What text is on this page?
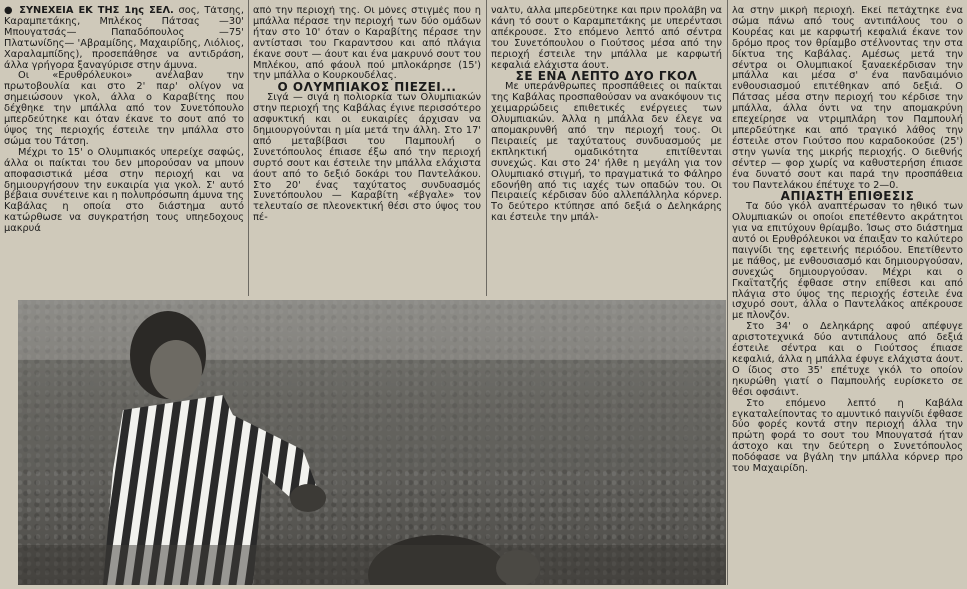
● ΣΥΝΕΧΕΙΑ ΕΚ ΤΗΣ 1ης ΣΕΛ. σος, Τάτσης, Καραμπετάκης, Μπλέκος Πάτσας —30' Μπουγατσάς— Παπαδόπουλος —75' Πλατωνίδης— 'Αβραμίδης, Μαχαιρίδης, Λιόλιος, Χαραλαμπίδης), προσεπάθησε να αντιδράση, άλλα γρήγορα ξαναγύρισε στην άμυνα.

Οι «Ερυθρόλευκοι» ανέλαβαν την πρωτοβουλία και στο 2' παρ' ολίγον να σημειώσουν γκολ, άλλα ο Καραβίτης που δέχθηκε την μπάλλα από τον Συνετόπουλο μπερδεύτηκε και όταν έκανε το σουτ από το ύψος της περιοχής έστειλε την μπάλλα στο σώμα του Τάτση.

Μέχρι το 15' ο Ολυμπιακός υπερείχε σαφώς, άλλα οι παίκται του δεν μπορούσαν να μπουν αποφασιστικά μέσα στην περιοχή και να δημιουργήσουν την ευκαιρία για γκολ. Σ' αυτό βέβαια συνέτεινε και η πολυπρόσωπη άμυνα της Καβάλας η οποία στο διάστημα αυτό κατώρθωσε να συγκρατήση τους υπηεδοχους μακρυά

από την περιοχή της. Οι μόνες στιγμές που η μπάλλα πέρασε την περιοχή των δύο ομάδων ήταν στο 10' όταν ο Καραβίτης πέρασε την αντίστασι του Γκαραντσου και από πλάγια έκανε σουτ — άουτ και ένα μακρυνό σουτ του Μπλέκου, από φάουλ πού μπλοκάρησε (15') την μπάλλα ο Κουρκουδέλας.

Ο ΟΛΥΜΠΙΑΚΟΣ ΠΙΕΖΕΙ...

Σιγά — σιγά η πολιορκία των Ολυμπιακών στην περιοχή της Καβάλας έγινε περισσότερο ασφυκτική και οι ευκαιρίες άρχισαν να δημιουργούνται η μία μετά την άλλη. Στο 17' από μεταβίβασι του Παμπουλή ο Συνετόπουλος έπιασε έξω από την περιοχή συρτό σουτ και έστειλε την μπάλλα ελάχιστα άουτ από το δεξιό δοκάρι του Παντελάκου. Στο 20' ένας ταχύτατος συνδυασμός Συνετόπουλου — Καραβίτη «έβγαλε» τον τελευταίο σε πλεονεκτική θέσι στο ύψος του πέ-

ναλτυ, άλλα μπερδεύτηκε και πριν προλάβη να κάνη τό σουτ ο Καραμπετάκης με υπερέντασι απέκρουσε. Στο επόμενο λεπτό από σέντρα του Συνετόπουλου ο Γιούτσος μέσα από την περιοχή έστειλε την μπάλλα με καρφωτή κεφαλιά ελάχιστα άουτ.

ΣΕ ΕΝΑ ΛΕΠΤΟ ΔΥΟ ΓΚΟΛ

Με υπεράνθρωπες προσπάθειες οι παίκται της Καβάλας προσπαθούσαν να ανακόψουν τις χειμαρρώδεις επιθετικές ενέργειες των Ολυμπιακών. Άλλα η μπάλλα δεν έλεγε να απομακρυνθή από την περιοχή τους. Οι Πειραιείς με ταχύτατους συνδυασμούς με εκπληκτική ομαδικότητα επιτίθενται συνεχώς. Και στο 24' ήλθε η μεγάλη για τον Ολυμπιακό στιγμή, το πραγματικά το Φάληρο εδονήθη από τις ιαχές των οπαδών του. Οι Πειραιείς κέρδισαν δύο αλλεπάλληλα κόρνερ. Το δεύτερο κτύπησε από δεξιά ο Δεληκάρης και έστειλε την μπάλ-

λα στην μικρή περιοχή. Εκεί πετάχτηκε ένα σώμα πάνω από τους αντιπάλους του ο Κουρέας και με καρφωτή κεφαλιά έκανε τον δρόμο προς τον θρίαμβο στέλνοντας την στα δίκτυα της Καβάλας. Αμέσως μετά την σέντρα οι Ολυμπιακοί ξαναεκέρδισαν την μπάλλα και μέσα σ' ένα πανδαιμόνιο ενθουσιασμού επιτέθηκαν από δεξιά. Ο Πάτσας μέσα στην περιοχή του κέρδισε την μπάλλα, άλλα όντι να την απομακρύνη επεχείρησε να ντριμπλάρη τον Παμπουλή μπερδεύτηκε και από τραγικό λάθος την έστειλε στον Γιούτσο που καραδοκούσε (25') στην γωνία της μικρής περιοχής. Ο διεθνής σέντερ — φορ χωρίς να καθυστερήση έπιασε ένα δυνατό σουτ και παρά την προσπάθεια του Παντελάκου έπέτυχε το 2—0.

ΑΠΙΑΣΤΗ ΕΠΙΘΕΣΙΣ

Τα δύο γκόλ αναπτέρωσαν το ηθικό των Ολυμπιακών οι οποίοι επετέθεντο ακράτητοι για να επιτύχουν θρίαμβο. Ίσως στο διάστημα αυτό οι Ερυθρόλευκοι να έπαιξαν το καλύτερο παιγνίδι της εφετεινής περιόδου. Επετίθεντο με πάθος, με ενθουσιασμό και δημιουργούσαν, συνεχώς δημιουργούσαν. Μέχρι και ο Γκαϊτατζής έφθασε στην επίθεσι και από πλάγια στο ύψος της περιοχής έστειλε ένα ισχυρό σουτ, άλλα ο Παντελάκος απέκρουσε με πλονζόν.

Στο 34' ο Δεληκάρης αφού απέφυγε αριστοτεχνικά δύο αντιπάλους από δεξιά έστειλε σέντρα και ο Γιούτσος έπιασε κεφαλιά, άλλα η μπάλλα έφυγε ελάχιστα άουτ. Ο ίδιος στο 35' επέτυχε γκόλ το οποίον ηκυρώθη γιατί ο Παμπουλής ευρίσκετο σε θέσι οφσάιντ.

Στο επόμενο λεπτό η Καβάλα εγκαταλείποντας το αμυντικό παιγνίδι έφθασε δύο φορές κοντά στην περιοχή άλλα την πρώτη φορά το σουτ του Μπουγατσά ήταν άστοχο και την δεύτερη ο Συνετόπουλος ποδόφασε να βγάλη την μπάλλα κόρνερ προ του Μαχαιρίδη.
